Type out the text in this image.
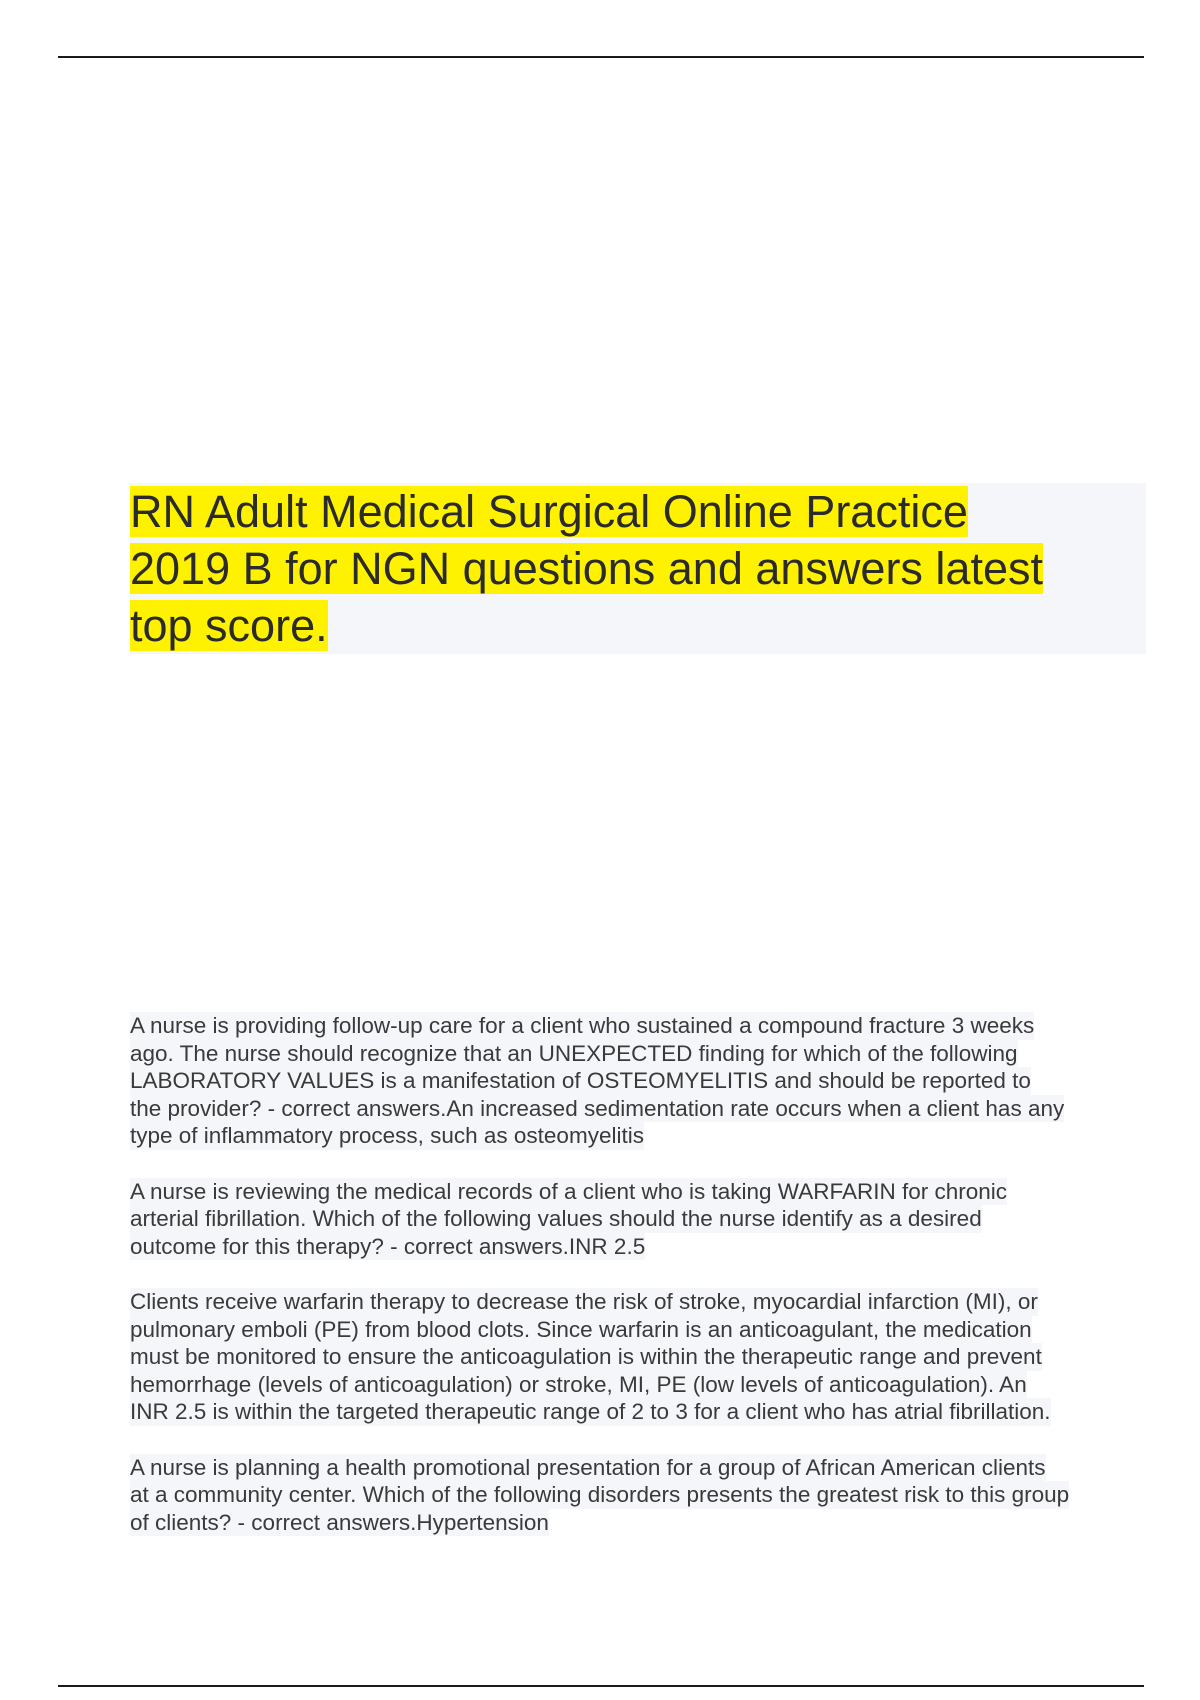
RN Adult Medical Surgical Online Practice
2019 B for NGN questions and answers latest
top score.

A nurse is providing follow-up care for a client who sustained a compound fracture 3 weeks
ago. The nurse should recognize that an UNEXPECTED finding for which of the following
LABORATORY VALUES is a manifestation of OSTEOMYELITIS and should be reported to
the provider? - correct answers.An increased sedimentation rate occurs when a client has any
type of inflammatory process, such as osteomyelitis

A nurse is reviewing the medical records of a client who is taking WARFARIN for chronic
arterial fibrillation. Which of the following values should the nurse identify as a desired
outcome for this therapy? - correct answers.INR 2.5

Clients receive warfarin therapy to decrease the risk of stroke, myocardial infarction (MI), or
pulmonary emboli (PE) from blood clots. Since warfarin is an anticoagulant, the medication
must be monitored to ensure the anticoagulation is within the therapeutic range and prevent
hemorrhage (levels of anticoagulation) or stroke, MI, PE (low levels of anticoagulation). An
INR 2.5 is within the targeted therapeutic range of 2 to 3 for a client who has atrial fibrillation.

A nurse is planning a health promotional presentation for a group of African American clients
at a community center. Which of the following disorders presents the greatest risk to this group
of clients? - correct answers.Hypertension
